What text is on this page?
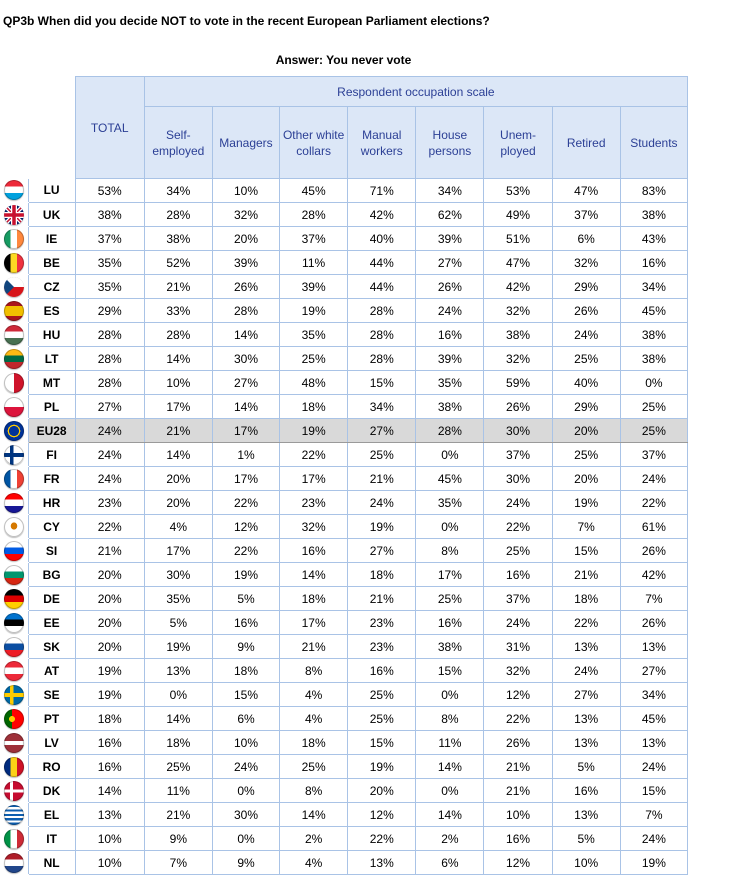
QP3b When did you decide NOT to vote in the recent European Parliament elections?
Answer: You never vote
		TOTAL	Respondent occupation scale							
			Self-employed	Managers	Other white collars	Manual workers	House persons	Unem-ployed	Retired	Students
	LU	53%	34%	10%	45%	71%	34%	53%	47%	83%
	UK	38%	28%	32%	28%	42%	62%	49%	37%	38%
	IE	37%	38%	20%	37%	40%	39%	51%	6%	43%
	BE	35%	52%	39%	11%	44%	27%	47%	32%	16%
	CZ	35%	21%	26%	39%	44%	26%	42%	29%	34%
	ES	29%	33%	28%	19%	28%	24%	32%	26%	45%
	HU	28%	28%	14%	35%	28%	16%	38%	24%	38%
	LT	28%	14%	30%	25%	28%	39%	32%	25%	38%
	MT	28%	10%	27%	48%	15%	35%	59%	40%	0%
	PL	27%	17%	14%	18%	34%	38%	26%	29%	25%
	EU28	24%	21%	17%	19%	27%	28%	30%	20%	25%
	FI	24%	14%	1%	22%	25%	0%	37%	25%	37%
	FR	24%	20%	17%	17%	21%	45%	30%	20%	24%
	HR	23%	20%	22%	23%	24%	35%	24%	19%	22%
	CY	22%	4%	12%	32%	19%	0%	22%	7%	61%
	SI	21%	17%	22%	16%	27%	8%	25%	15%	26%
	BG	20%	30%	19%	14%	18%	17%	16%	21%	42%
	DE	20%	35%	5%	18%	21%	25%	37%	18%	7%
	EE	20%	5%	16%	17%	23%	16%	24%	22%	26%
	SK	20%	19%	9%	21%	23%	38%	31%	13%	13%
	AT	19%	13%	18%	8%	16%	15%	32%	24%	27%
	SE	19%	0%	15%	4%	25%	0%	12%	27%	34%
	PT	18%	14%	6%	4%	25%	8%	22%	13%	45%
	LV	16%	18%	10%	18%	15%	11%	26%	13%	13%
	RO	16%	25%	24%	25%	19%	14%	21%	5%	24%
	DK	14%	11%	0%	8%	20%	0%	21%	16%	15%
	EL	13%	21%	30%	14%	12%	14%	10%	13%	7%
	IT	10%	9%	0%	2%	22%	2%	16%	5%	24%
	NL	10%	7%	9%	4%	13%	6%	12%	10%	19%
